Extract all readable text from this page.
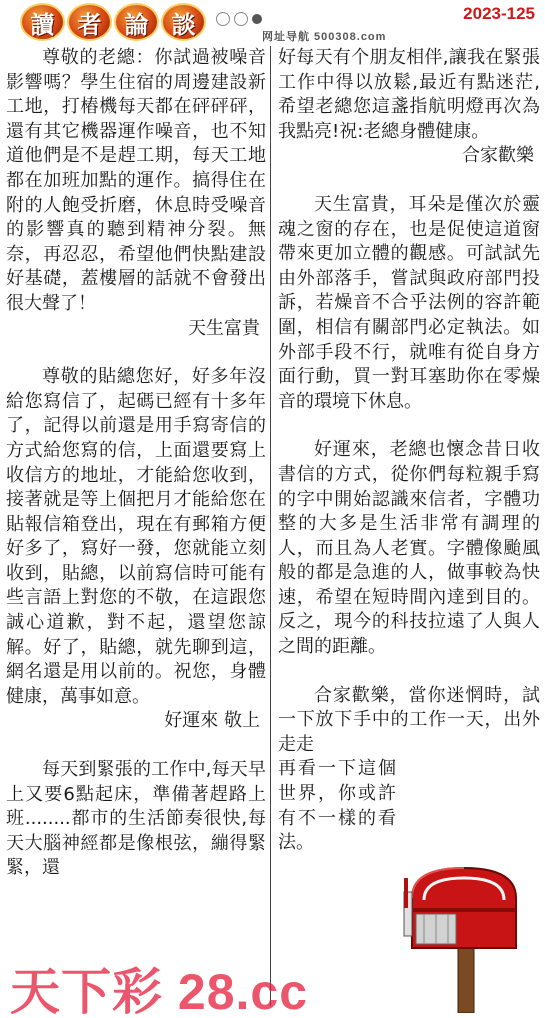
讀 者 論 談	2023-125
网址导航 500308.com

尊敬的老總：你試過被噪音影響嗎？學生住宿的周邊建設新工地，打樁機每天都在砰砰砰，還有其它機器運作噪音，也不知道他們是不是趕工期，每天工地都在加班加點的運作。搞得住在附的人飽受折磨，休息時受噪音的影響真的聽到精神分裂。無奈，再忍忍，希望他們快點建設好基礎，蓋樓層的話就不會發出很大聲了！

天生富貴

尊敬的貼總您好，好多年沒給您寫信了，起碼已經有十多年了，記得以前還是用手寫寄信的方式給您寫的信，上面還要寫上收信方的地址，才能給您收到，接著就是等上個把月才能給您在貼報信箱登出，現在有郵箱方便好多了，寫好一發，您就能立刻收到，貼總，以前寫信時可能有些言語上對您的不敬，在這跟您誠心道歉，對不起，還望您諒解。好了，貼總，就先聊到這，網名還是用以前的。祝您，身體健康，萬事如意。

好運來 敬上

每天到緊張的工作中,每天早上又要6點起床，準備著趕路上班........都市的生活節奏很快,每天大腦神經都是像根弦，繃得緊緊，還

好每天有个朋友相伴,讓我在緊張工作中得以放鬆,最近有點迷茫,希望老總您這盞指航明燈再次為我點亮!祝:老總身體健康。

合家歡樂

天生富貴，耳朵是僅次於靈魂之窗的存在，也是促使這道窗帶來更加立體的觀感。可試試先由外部落手，嘗試與政府部門投訴，若燥音不合乎法例的容許範圍，相信有關部門必定執法。如外部手段不行，就唯有從自身方面行動，買一對耳塞助你在零燥音的環境下休息。

好運來，老總也懷念昔日收書信的方式，從你們每粒親手寫的字中開始認識來信者，字體功整的大多是生活非常有調理的人，而且為人老實。字體像颱風般的都是急進的人，做事較為快速，希望在短時間內達到目的。反之，現今的科技拉遠了人與人之間的距離。

合家歡樂，當你迷惘時，試一下放下手中的工作一天，出外走走

再看一下這個世界，你或許有不一樣的看法。

天下彩 28.cc
